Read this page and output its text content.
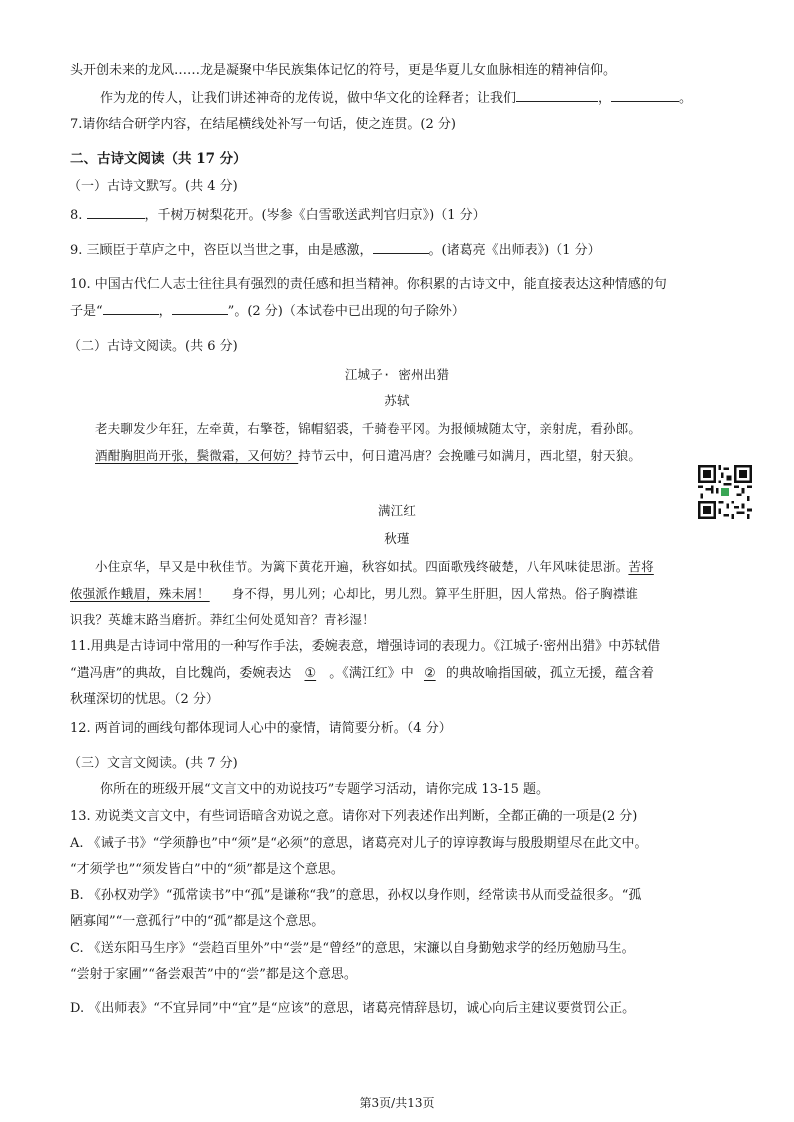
头开创未来的龙风……龙是凝聚中华民族集体记忆的符号，更是华夏儿女血脉相连的精神信仰。
作为龙的传人，让我们讲述神奇的龙传说，做中华文化的诠释者；让我们	，	。
7.请你结合研学内容，在结尾横线处补写一句话，使之连贯。(2 分)
二、古诗文阅读（共 17 分）
（一）古诗文默写。(共 4 分)
8.	，千树万树梨花开。(岑参《白雪歌送武判官归京》)（1 分）
9. 三顾臣于草庐之中，咨臣以当世之事，由是感激，	。(诸葛亮《出师表》)（1 分）
10. 中国古代仁人志士往往具有强烈的责任感和担当精神。你积累的古诗文中，能直接表达这种情感的句
子是“	，	”。(2 分)（本试卷中已出现的句子除外）
（二）古诗文阅读。(共 6 分)
江城子· 密州出猎
苏轼
老夫聊发少年狂，左牵黄，右擎苍，锦帽貂裘，千骑卷平冈。为报倾城随太守，亲射虎，看孙郎。
酒酣胸胆尚开张，鬓微霜，又何妨？持节云中，何日遣冯唐？会挽雕弓如满月，西北望，射天狼。
满江红
秋瑾
小住京华，早又是中秋佳节。为篱下黄花开遍，秋容如拭。四面歌残终破楚，八年风味徒思浙。苦将
侬强派作蛾眉，殊未屑！ 身不得，男儿列；心却比，男儿烈。算平生肝胆，因人常热。俗子胸襟谁
识我？英雄末路当磨折。莽红尘何处觅知音？青衫湿！
11.用典是古诗词中常用的一种写作手法，委婉表意，增强诗词的表现力。《江城子·密州出猎》中苏轼借
“遣冯唐”的典故，自比魏尚，委婉表达 ① 。《满江红》中 ② 的典故喻指国破，孤立无援，蕴含着
秋瑾深切的忧思。（2 分）
12. 两首词的画线句都体现词人心中的豪情，请简要分析。（4 分）
（三）文言文阅读。(共 7 分)
你所在的班级开展“文言文中的劝说技巧”专题学习活动，请你完成 13-15 题。
13. 劝说类文言文中，有些词语暗含劝说之意。请你对下列表述作出判断，全都正确的一项是(2 分)
A. 《诫子书》“学须静也”中“须”是“必须”的意思，诸葛亮对儿子的谆谆教诲与殷殷期望尽在此文中。
“才须学也”“须发皆白”中的“须”都是这个意思。
B. 《孙权劝学》“孤常读书”中“孤”是谦称“我”的意思，孙权以身作则，经常读书从而受益很多。“孤
陋寡闻”“一意孤行”中的“孤”都是这个意思。
C. 《送东阳马生序》“尝趋百里外”中“尝”是“曾经”的意思，宋濂以自身勤勉求学的经历勉励马生。
“尝射于家圃”“备尝艰苦”中的“尝”都是这个意思。
D. 《出师表》“不宜异同”中“宜”是“应该”的意思，诸葛亮情辞恳切，诚心向后主建议要赏罚公正。
第3页/共13页
